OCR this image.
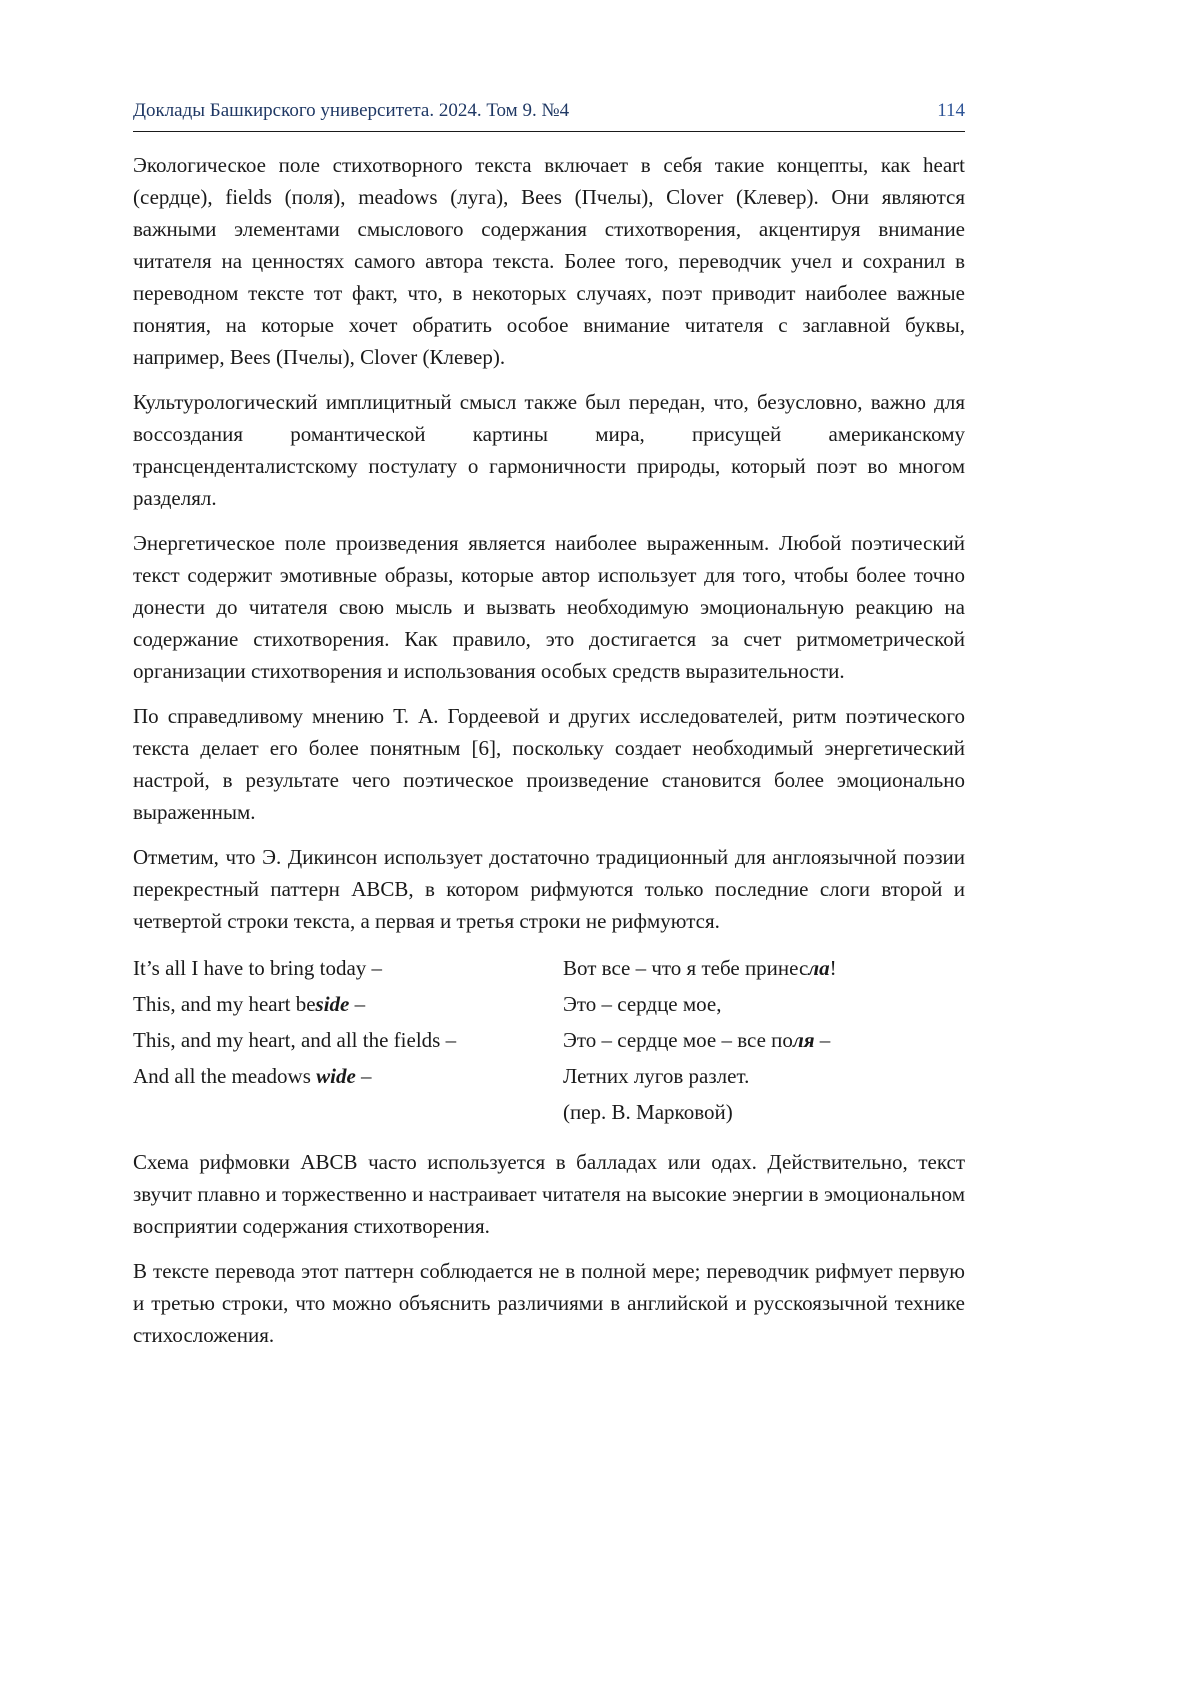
Доклады Башкирского университета. 2024. Том 9. №4	114

Экологическое поле стихотворного текста включает в себя такие концепты, как heart (сердце), fields (поля), meadows (луга), Bees (Пчелы), Clover (Клевер). Они являются важными элементами смыслового содержания стихотворения, акцентируя внимание читателя на ценностях самого автора текста. Более того, переводчик учел и сохранил в переводном тексте тот факт, что, в некоторых случаях, поэт приводит наиболее важные понятия, на которые хочет обратить особое внимание читателя с заглавной буквы, например, Bees (Пчелы), Clover (Клевер).

Культурологический имплицитный смысл также был передан, что, безусловно, важно для воссоздания романтической картины мира, присущей американскому трансценденталистскому постулату о гармоничности природы, который поэт во многом разделял.

Энергетическое поле произведения является наиболее выраженным. Любой поэтический текст содержит эмотивные образы, которые автор использует для того, чтобы более точно донести до читателя свою мысль и вызвать необходимую эмоциональную реакцию на содержание стихотворения. Как правило, это достигается за счет ритмометрической организации стихотворения и использования особых средств выразительности.

По справедливому мнению Т. А. Гордеевой и других исследователей, ритм поэтического текста делает его более понятным [6], поскольку создает необходимый энергетический настрой, в результате чего поэтическое произведение становится более эмоционально выраженным.

Отметим, что Э. Дикинсон использует достаточно традиционный для англоязычной поэзии перекрестный паттерн ABCB, в котором рифмуются только последние слоги второй и четвертой строки текста, а первая и третья строки не рифмуются.

It’s all I have to bring today –
This, and my heart beside –
This, and my heart, and all the fields –
And all the meadows wide –
Вот все – что я тебе принесла!
Это – сердце мое,
Это – сердце мое – все поля –
Летних лугов разлет.
(пер. В. Марковой)

Схема рифмовки ABCB часто используется в балладах или одах. Действительно, текст звучит плавно и торжественно и настраивает читателя на высокие энергии в эмоциональном восприятии содержания стихотворения.

В тексте перевода этот паттерн соблюдается не в полной мере; переводчик рифмует первую и третью строки, что можно объяснить различиями в английской и русскоязычной технике стихосложения.
